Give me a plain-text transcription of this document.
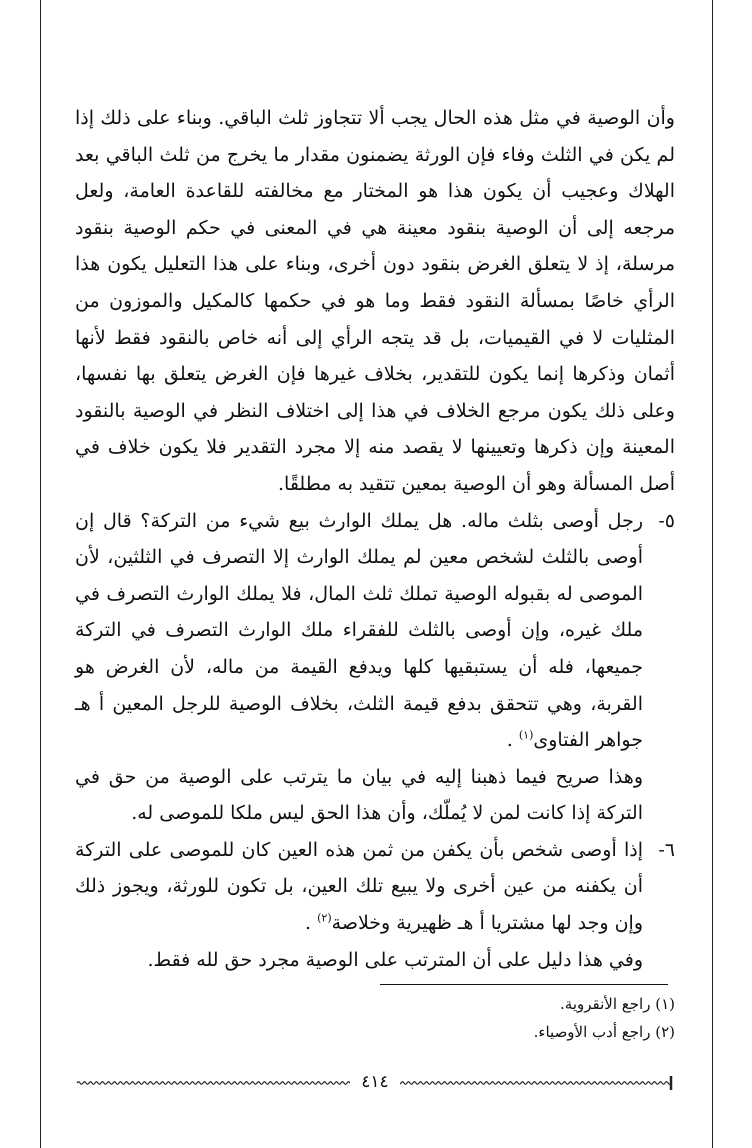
وأن الوصية في مثل هذه الحال يجب ألا تتجاوز ثلث الباقي. وبناء على ذلك إذا لم يكن في الثلث وفاء فإن الورثة يضمنون مقدار ما يخرج من ثلث الباقي بعد الهلاك وعجيب أن يكون هذا هو المختار مع مخالفته للقاعدة العامة، ولعل مرجعه إلى أن الوصية بنقود معينة هي في المعنى في حكم الوصية بنقود مرسلة، إذ لا يتعلق الغرض بنقود دون أخرى، وبناء على هذا التعليل يكون هذا الرأي خاصًا بمسألة النقود فقط وما هو في حكمها كالمكيل والموزون من المثليات لا في القيميات، بل قد يتجه الرأي إلى أنه خاص بالنقود فقط لأنها أثمان وذكرها إنما يكون للتقدير، بخلاف غيرها فإن الغرض يتعلق بها نفسها، وعلى ذلك يكون مرجع الخلاف في هذا إلى اختلاف النظر في الوصية بالنقود المعينة وإن ذكرها وتعيينها لا يقصد منه إلا مجرد التقدير فلا يكون خلاف في أصل المسألة وهو أن الوصية بمعين تتقيد به مطلقًا.

٥-
رجل أوصى بثلث ماله. هل يملك الوارث بيع شيء من التركة؟ قال إن أوصى بالثلث لشخص معين لم يملك الوارث إلا التصرف في الثلثين، لأن الموصى له بقبوله الوصية تملك ثلث المال، فلا يملك الوارث التصرف في ملك غيره، وإن أوصى بالثلث للفقراء ملك الوارث التصرف في التركة جميعها، فله أن يستبقيها كلها ويدفع القيمة من ماله، لأن الغرض هو القربة، وهي تتحقق بدفع قيمة الثلث، بخلاف الوصية للرجل المعين أ هـ جواهر الفتاوى$^{(١)}$ .

وهذا صريح فيما ذهبنا إليه في بيان ما يترتب على الوصية من حق في التركة إذا كانت لمن لا يُملّك، وأن هذا الحق ليس ملكا للموصى له.

٦-
إذا أوصى شخص بأن يكفن من ثمن هذه العين كان للموصى على التركة أن يكفنه من عين أخرى ولا يبيع تلك العين، بل تكون للورثة، ويجوز ذلك وإن وجد لها مشتريا أ هـ ظهيرية وخلاصة$^{(٢)}$ .

وفي هذا دليل على أن المترتب على الوصية مجرد حق لله فقط.

(١) راجع الأنقروية.

(٢) راجع أدب الأوصياء.

٤١٤
